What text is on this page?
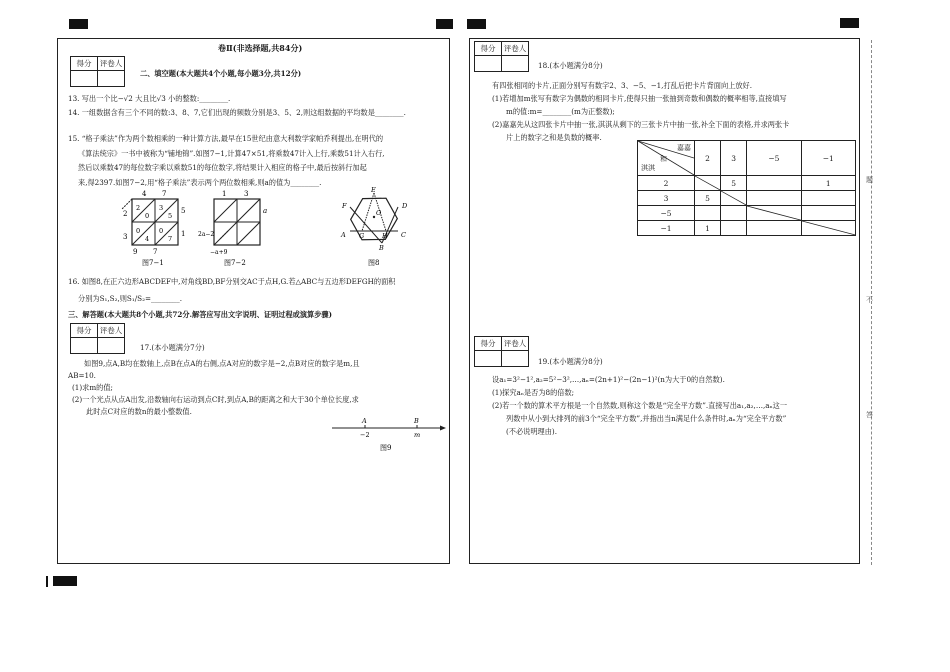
卷Ⅱ(非选择题,共84分)
得分	评卷人

二、填空题(本大题共4个小题,每小题3分,共12分)
13. 写出一个比−√2 大且比√3 小的整数:________.
14. 一组数据含有三个不同的数:3、8、7,它们出现的频数分别是3、5、2,则这组数据的平均数是________.
15. “格子乘法”作为两个数相乘的一种计算方法,最早在15世纪由意大利数学家帕乔利提出,在明代的
《算法统宗》一书中被称为“铺地锦”.如图7−1,计算47×51,将乘数47计入上行,乘数51计入右行,
然后以乘数47的每位数字乘以乘数51的每位数字,将结果计入相应的格子中,最后按斜行加起
来,得2397.如图7−2,用“格子乘法”表示两个两位数相乘,则a的值为________.
4 7
2
0
3
5
0
4
0
7
5
1
2
3
9 7
图7−1
1	3
a
2a−2
−a+9
图7−2
E
F	D
O
A G	H
B
C
图8
16. 如图8,在正六边形ABCDEF中,对角线BD,BF分别交AC于点H,G.若△ABC与五边形DEFGH的面积
分别为S₁,S₂,则S₁/S₂=________.
三、解答题(本大题共8个小题,共72分.解答应写出文字说明、证明过程或演算步骤)
得分	评卷人

17.(本小题满分7分)
如图9,点A,B均在数轴上,点B在点A的右侧,点A对应的数字是−2,点B对应的数字是m,且
AB=10.
(1)求m的值;
(2)一个光点从点A出发,沿数轴向右运动到点C时,到点A,B的距离之和大于30个单位长度,求
此时点C对应的数n的最小整数值.
A	B
−2	m
图9
得分	评卷人

18.(本小题满分8分)
有四张相同的卡片,正面分别写有数字2、3、−5、−1,打乱后把卡片背面向上放好.
(1)若增加m张写有数字为偶数的相同卡片,使得只抽一张抽到奇数和偶数的概率相等,直接填写
m的值:m=________(m为正整数);
(2)嘉嘉先从这四张卡片中抽一张,淇淇从剩下的三张卡片中抽一张,补全下面的表格,并求两张卡
片上的数字之和是负数的概率.
嘉嘉
和
淇淇	2	3	−5	−1
2		5		1
3	5	

−5			

−1	1			
得分	评卷人

19.(本小题满分8分)
设a₁=3²−1²,a₂=5²−3²,…,aₙ=(2n+1)²−(2n−1)²(n为大于0的自然数).
(1)探究aₙ是否为8的倍数;
(2)若一个数的算术平方根是一个自然数,则称这个数是“完全平方数”.直接写出a₁,a₂,…,aₙ这一
列数中从小到大排列的前3个“完全平方数”,并指出当n满足什么条件时,aₙ为“完全平方数”
(不必说明理由).
题
不
答
